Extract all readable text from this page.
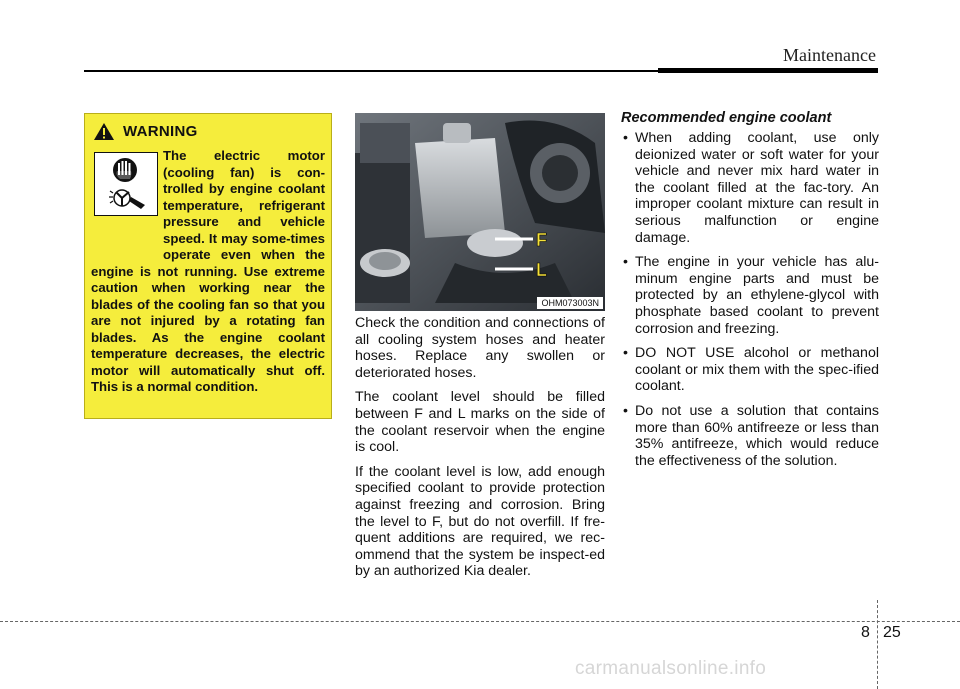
Maintenance
WARNING
The electric motor (cooling fan) is con-trolled by engine coolant temperature, refrigerant pressure and vehicle speed. It may some-times operate even when the engine is not running. Use extreme caution when working near the blades of the cooling fan so that you are not injured by a rotating fan blades. As the engine coolant temperature decreases, the electric motor will automatically shut off. This is a normal condition.
F
L
OHM073003N

Check the condition and connections of all cooling system hoses and heater hoses. Replace any swollen or deteriorated hoses.

The coolant level should be filled between F and L marks on the side of the coolant reservoir when the engine is cool.

If the coolant level is low, add enough specified coolant to provide protection against freezing and corrosion. Bring the level to F, but do not overfill. If fre-quent additions are required, we rec-ommend that the system be inspect-ed by an authorized Kia dealer.

Recommended engine coolant
• When adding coolant, use only deionized water or soft water for your vehicle and never mix hard water in the coolant filled at the fac-tory. An improper coolant mixture can result in serious malfunction or engine damage.
• The engine in your vehicle has alu-minum engine parts and must be protected by an ethylene-glycol with phosphate based coolant to prevent corrosion and freezing.
• DO NOT USE alcohol or methanol coolant or mix them with the spec-ified coolant.
• Do not use a solution that contains more than 60% antifreeze or less than 35% antifreeze, which would reduce the effectiveness of the solution.
8 25
carmanualsonline.info
